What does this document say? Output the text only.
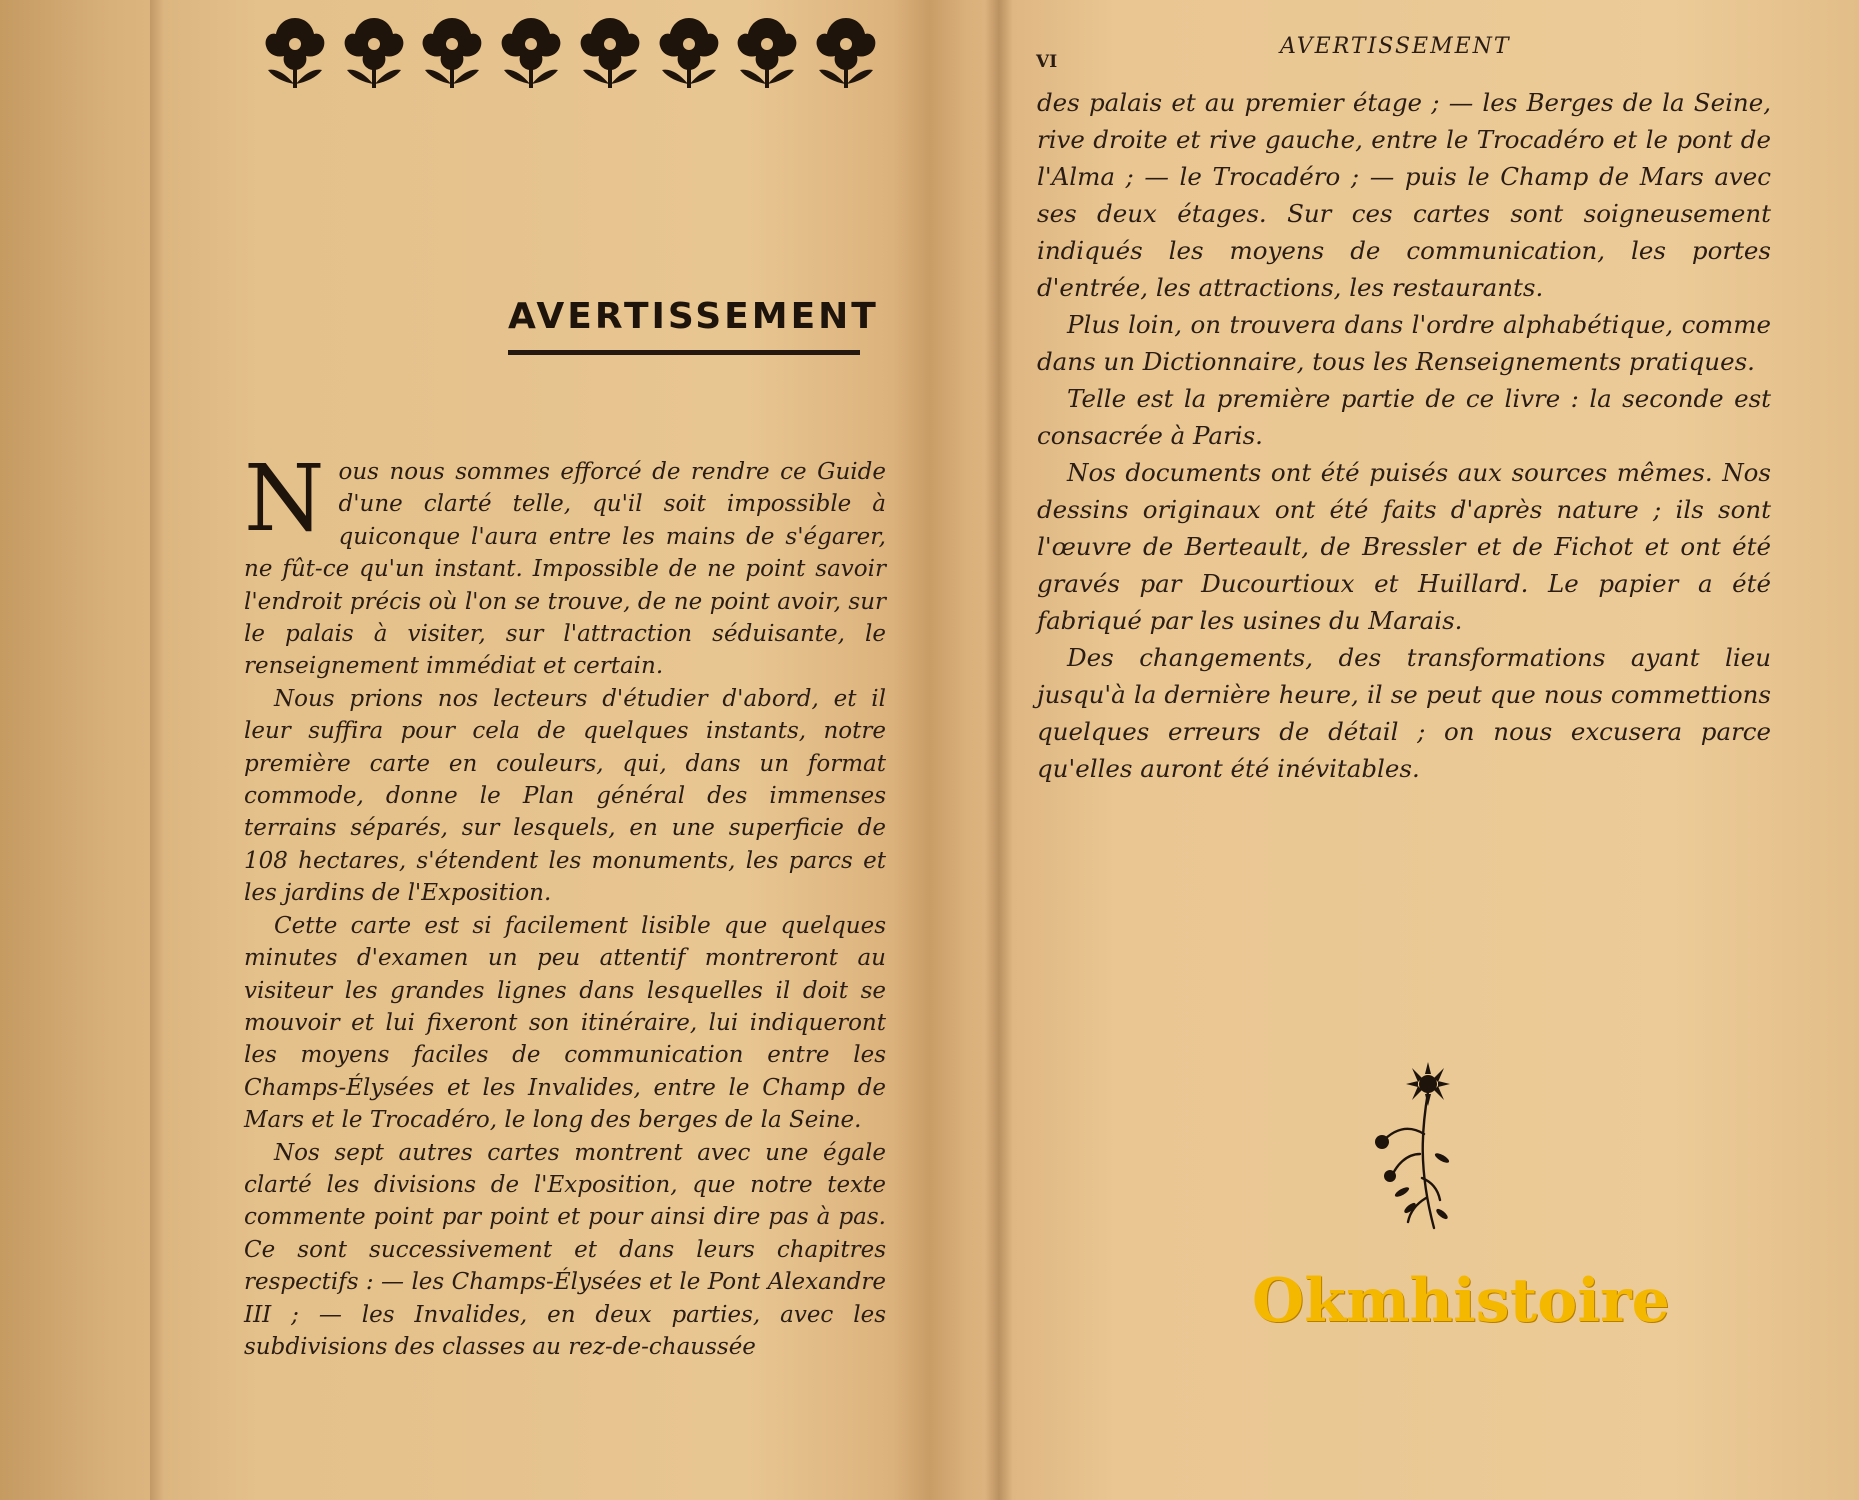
AVERTISSEMENT

Nous nous sommes efforcé de rendre ce Guide d'une clarté telle, qu'il soit impossible à quiconque l'aura entre les mains de s'égarer, ne fût-ce qu'un instant. Impossible de ne point savoir l'endroit précis où l'on se trouve, de ne point avoir, sur le palais à visiter, sur l'attraction séduisante, le renseignement immédiat et certain.

Nous prions nos lecteurs d'étudier d'abord, et il leur suffira pour cela de quelques instants, notre première carte en couleurs, qui, dans un format commode, donne le Plan général des immenses terrains séparés, sur lesquels, en une superficie de 108 hectares, s'étendent les monuments, les parcs et les jardins de l'Exposition.

Cette carte est si facilement lisible que quelques minutes d'examen un peu attentif montreront au visiteur les grandes lignes dans lesquelles il doit se mouvoir et lui fixeront son itinéraire, lui indiqueront les moyens faciles de communication entre les Champs-Élysées et les Invalides, entre le Champ de Mars et le Trocadéro, le long des berges de la Seine.

Nos sept autres cartes montrent avec une égale clarté les divisions de l'Exposition, que notre texte commente point par point et pour ainsi dire pas à pas. Ce sont successivement et dans leurs chapitres respectifs : — les Champs-Élysées et le Pont Alexandre III ; — les Invalides, en deux parties, avec les subdivisions des classes au rez-de-chaussée

VI
AVERTISSEMENT

des palais et au premier étage ; — les Berges de la Seine, rive droite et rive gauche, entre le Trocadéro et le pont de l'Alma ; — le Trocadéro ; — puis le Champ de Mars avec ses deux étages. Sur ces cartes sont soigneusement indiqués les moyens de communication, les portes d'entrée, les attractions, les restaurants.

Plus loin, on trouvera dans l'ordre alphabétique, comme dans un Dictionnaire, tous les Renseignements pratiques.

Telle est la première partie de ce livre : la seconde est consacrée à Paris.

Nos documents ont été puisés aux sources mêmes. Nos dessins originaux ont été faits d'après nature ; ils sont l'œuvre de Berteault, de Bressler et de Fichot et ont été gravés par Ducourtioux et Huillard. Le papier a été fabriqué par les usines du Marais.

Des changements, des transformations ayant lieu jusqu'à la dernière heure, il se peut que nous commettions quelques erreurs de détail ; on nous excusera parce qu'elles auront été inévitables.

Okmhistoire
